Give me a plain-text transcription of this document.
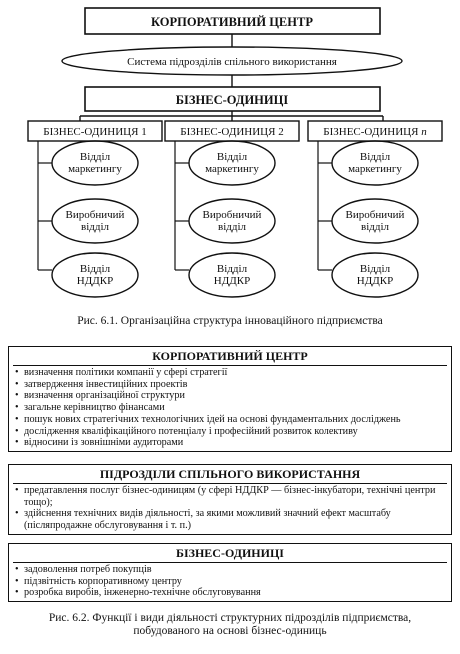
КОРПОРАТИВНИЙ ЦЕНТР
Система підрозділів спільного використання
БІЗНЕС-ОДИНИЦІ
БІЗНЕС-ОДИНИЦЯ 1
Відділ маркетингу
Виробничий відділ
Відділ НДДКР
БІЗНЕС-ОДИНИЦЯ 2
Відділ маркетингу
Виробничий відділ
Відділ НДДКР
БІЗНЕС-ОДИНИЦЯ n
Відділ маркетингу
Виробничий відділ
Відділ НДДКР
Рис. 6.1. Організаційна структура інноваційного підприємства
КОРПОРАТИВНИЙ ЦЕНТР
• визначення політики компанії у сфері стратегії
• затвердження інвестиційних проектів
• визначення організаційної структури
• загальне керівництво фінансами
• пошук нових стратегічних технологічних ідей на основі фундаментальних досліджень
• дослідження кваліфікаційного потенціалу і професійний розвиток колективу
• відносини із зовнішніми аудиторами
ПІДРОЗДІЛИ СПІЛЬНОГО ВИКОРИСТАННЯ
• предатавлення послуг бізнес-одиницям (у сфері НДДКР — бізнес-інкубатори, технічні центри тощо);
• здійснення технічних видів діяльності, за якими можливий значний ефект масштабу (післяпродажне обслуговування і т. п.)
БІЗНЕС-ОДИНИЦІ
• задоволення потреб покупців
• підзвітність корпоративному центру
• розробка виробів, інженерно-технічне обслуговування
Рис. 6.2. Функції і види діяльності структурних підрозділів підприємства,
побудованого на основі бізнес-одиниць
